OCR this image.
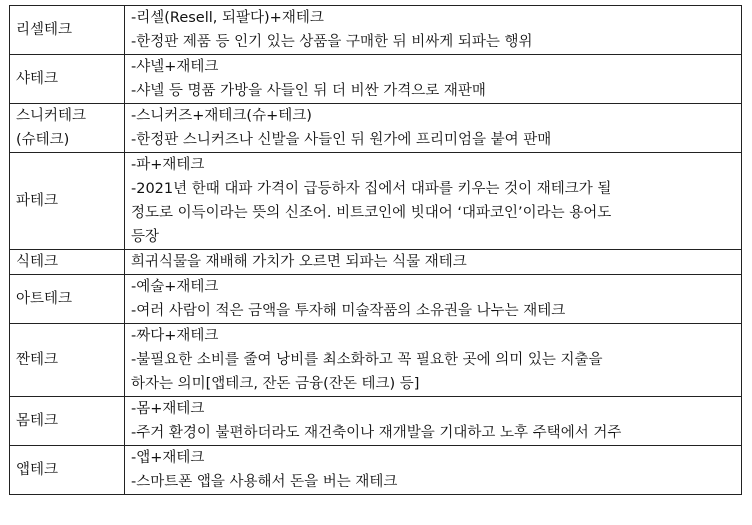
리셀테크	-리셀(Resell, 되팔다)+재테크
-한정판 제품 등 인기 있는 상품을 구매한 뒤 비싸게 되파는 행위

샤테크	-샤넬+재테크
-샤넬 등 명품 가방을 사들인 뒤 더 비싼 가격으로 재판매

스니커테크
(슈테크)	-스니커즈+재테크(슈+테크)
-한정판 스니커즈나 신발을 사들인 뒤 원가에 프리미엄을 붙여 판매

파테크	-파+재테크
-2021년 한때 대파 가격이 급등하자 집에서 대파를 키우는 것이 재테크가 될
정도로 이득이라는 뜻의 신조어. 비트코인에 빗대어 ‘대파코인’이라는 용어도
등장

식테크	희귀식물을 재배해 가치가 오르면 되파는 식물 재테크

아트테크	-예술+재테크
-여러 사람이 적은 금액을 투자해 미술작품의 소유권을 나누는 재테크

짠테크	-짜다+재테크
-불필요한 소비를 줄여 낭비를 최소화하고 꼭 필요한 곳에 의미 있는 지출을
하자는 의미[앱테크, 잔돈 금융(잔돈 테크) 등]

몸테크	-몸+재테크
-주거 환경이 불편하더라도 재건축이나 재개발을 기대하고 노후 주택에서 거주

앱테크	-앱+재테크
-스마트폰 앱을 사용해서 돈을 버는 재테크
